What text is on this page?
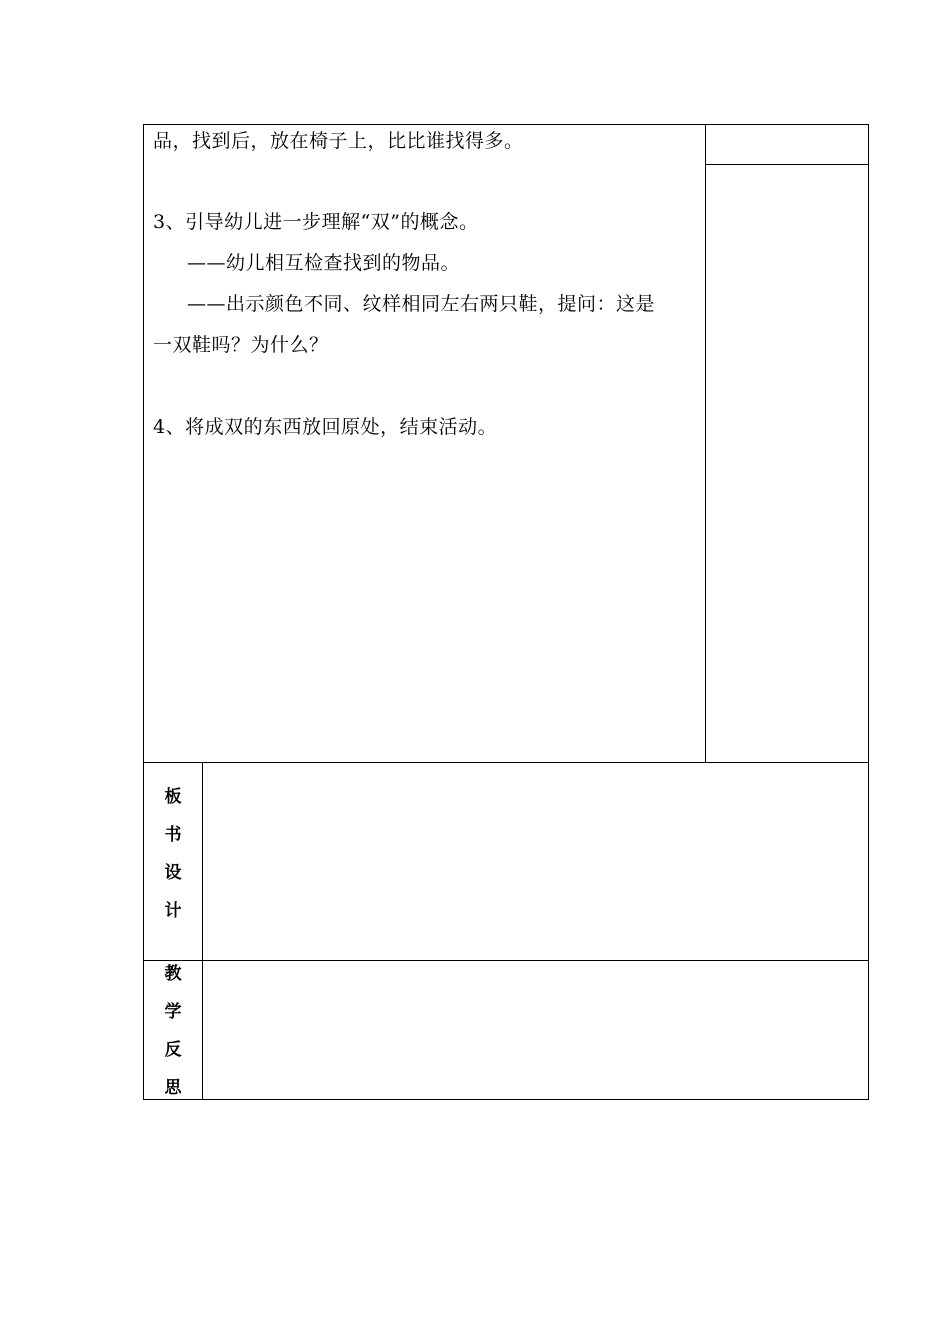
品，找到后，放在椅子上，比比谁找得多。
3、引导幼儿进一步理解“双”的概念。
——幼儿相互检查找到的物品。
——出示颜色不同、纹样相同左右两只鞋，提问：这是
一双鞋吗？为什么？
4、将成双的东西放回原处，结束活动。
板
书
设
计
教
学
反
思
